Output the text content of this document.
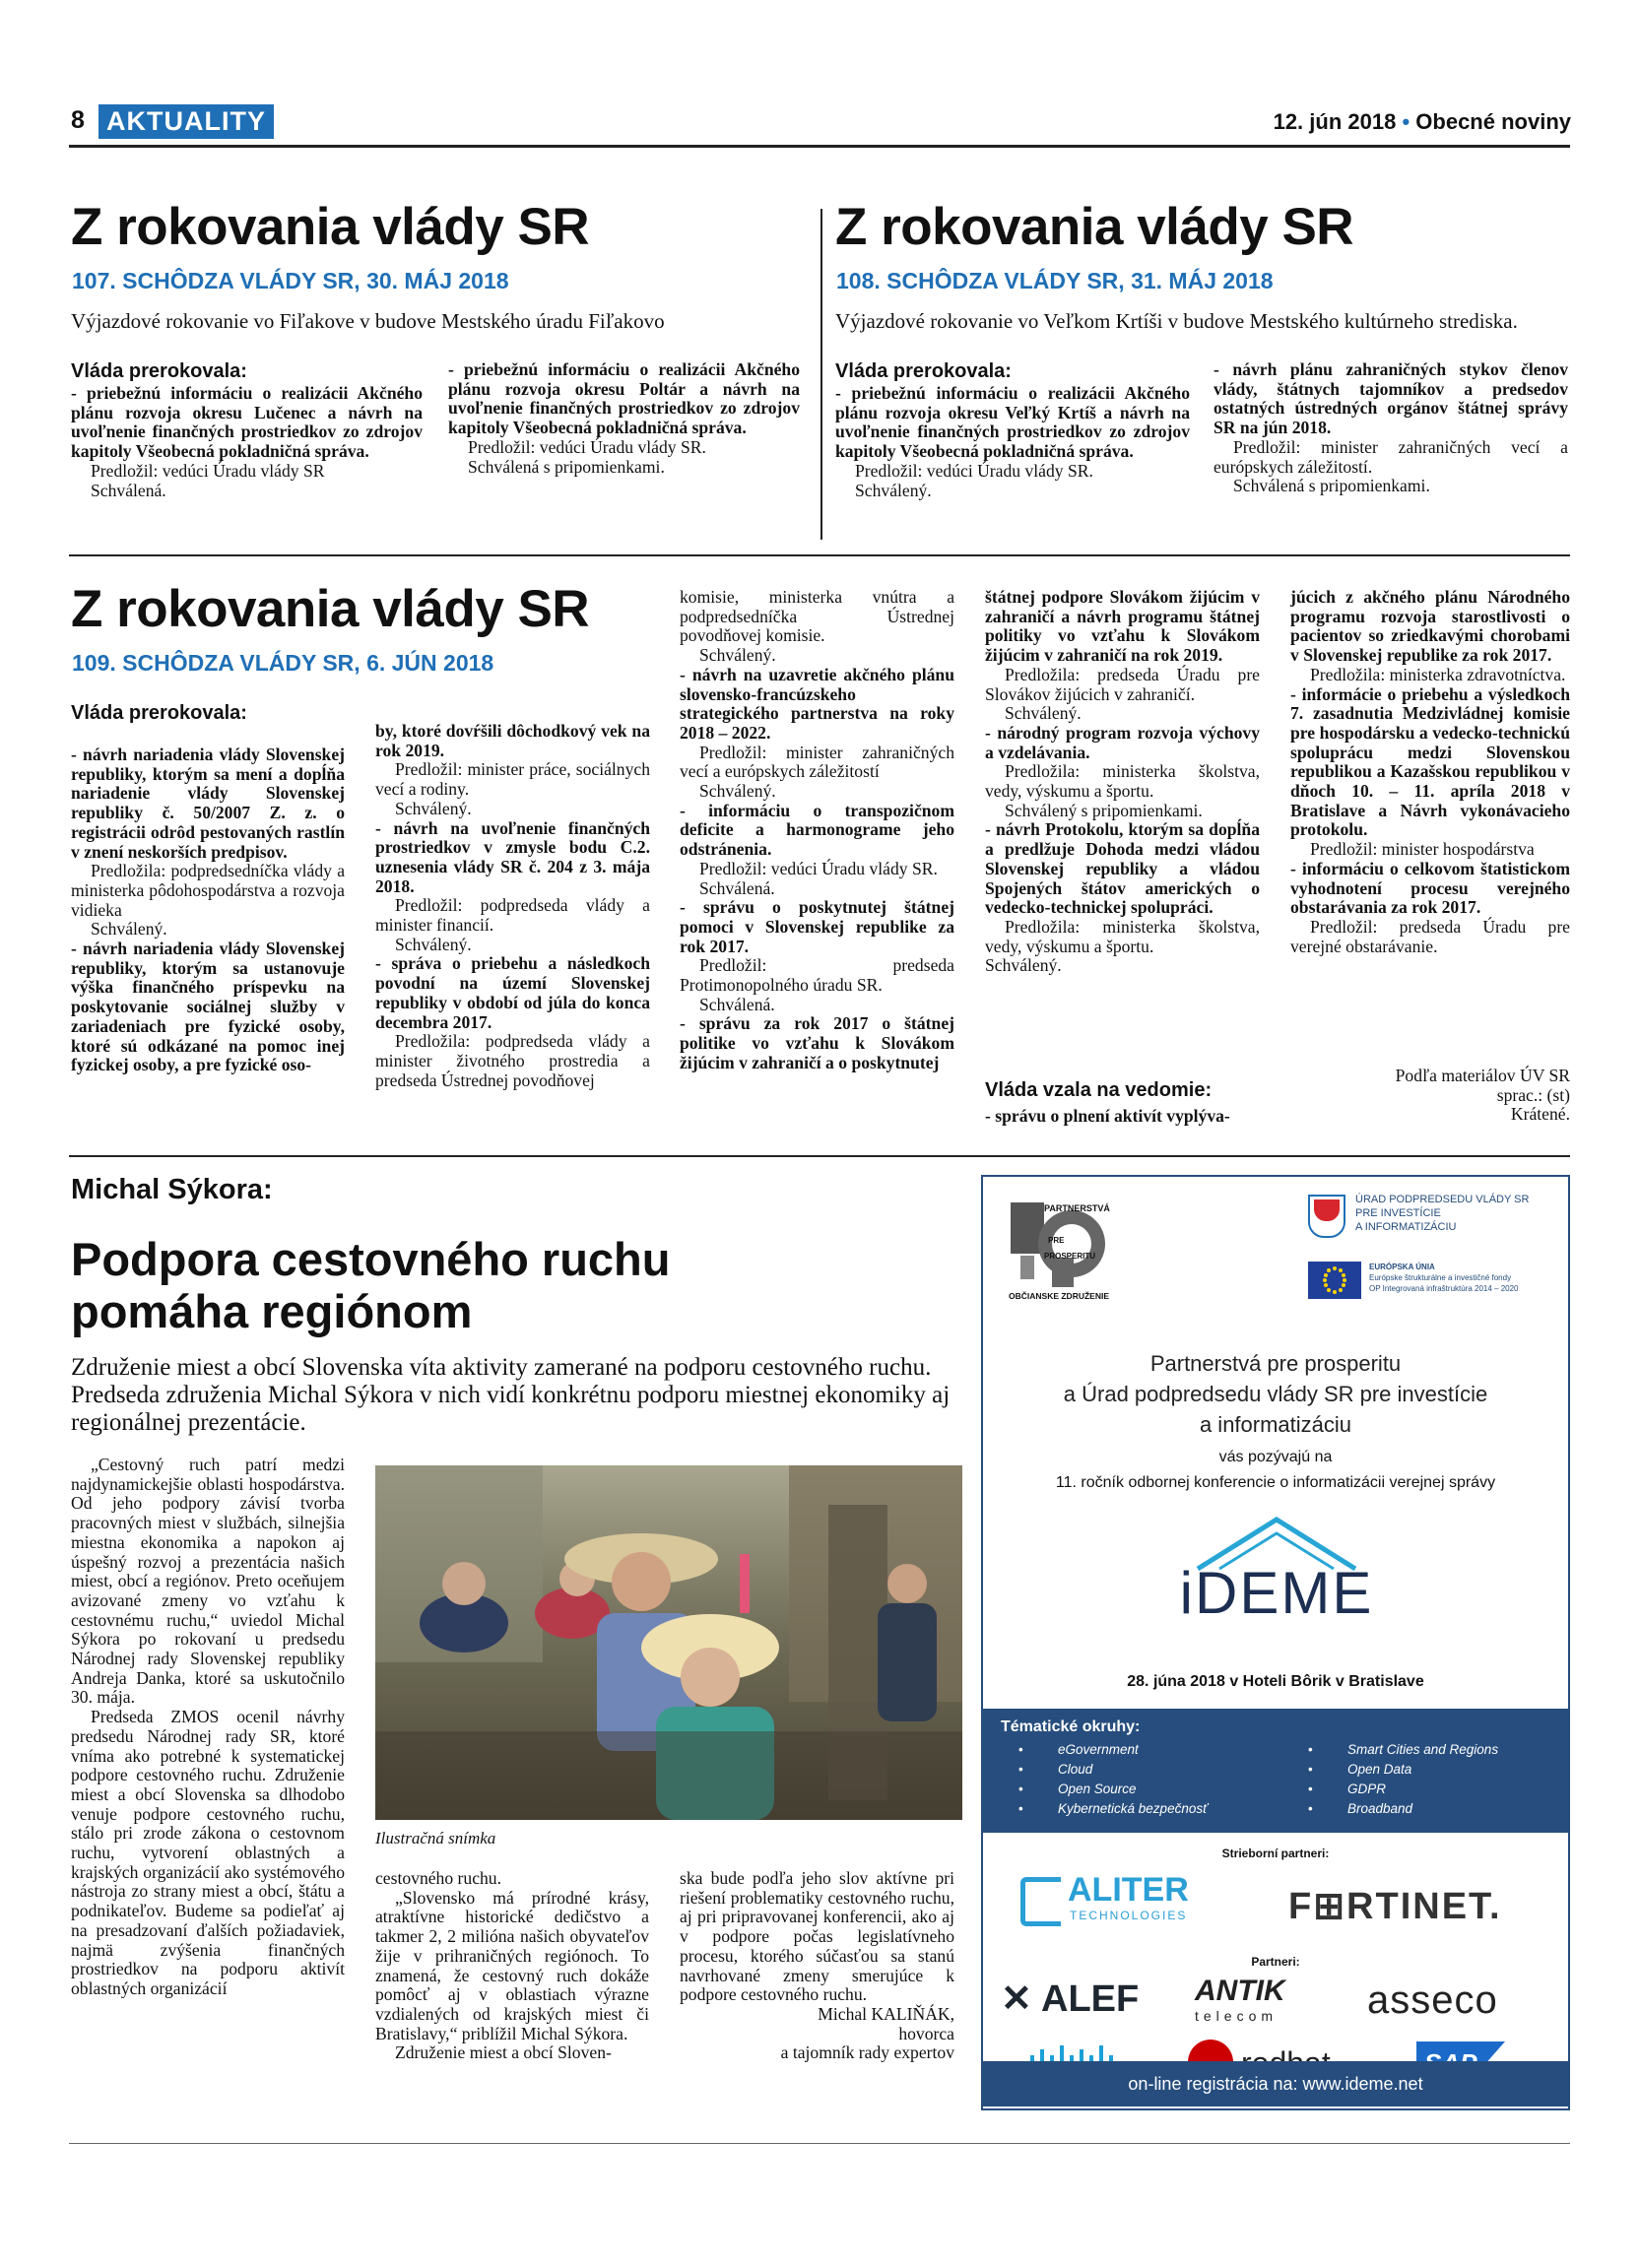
8 AKTUALITY	12. jún 2018 • Obecné noviny
Z rokovania vlády SR
107. SCHÔDZA VLÁDY SR, 30. MÁJ 2018
Výjazdové rokovanie vo Fiľakove v budove Mestského úradu Fiľakovo
Vláda prerokovala:

- priebežnú informáciu o realizácii Akčného plánu rozvoja okresu Lučenec a návrh na uvoľnenie finančných prostriedkov zo zdrojov kapitoly Všeobecná pokladničná správa.

Predložil: vedúci Úradu vlády SR

Schválená.

- priebežnú informáciu o realizácii Akčného plánu rozvoja okresu Poltár a návrh na uvoľnenie finančných prostriedkov zo zdrojov kapitoly Všeobecná pokladničná správa.

Predložil: vedúci Úradu vlády SR.

Schválená s pripomienkami.

Z rokovania vlády SR
108. SCHÔDZA VLÁDY SR, 31. MÁJ 2018
Výjazdové rokovanie vo Veľkom Krtíši v budove Mestského kultúrneho strediska.
Vláda prerokovala:

- priebežnú informáciu o realizácii Akčného plánu rozvoja okresu Veľký Krtíš a návrh na uvoľnenie finančných prostriedkov zo zdrojov kapitoly Všeobecná pokladničná správa.

Predložil: vedúci Úradu vlády SR.

Schválený.

- návrh plánu zahraničných stykov členov vlády, štátnych tajomníkov a predsedov ostatných ústredných orgánov štátnej správy SR na jún 2018.

Predložil: minister zahraničných vecí a európskych záležitostí.

Schválená s pripomienkami.

Z rokovania vlády SR
109. SCHÔDZA VLÁDY SR, 6. JÚN 2018
Vláda prerokovala:

- návrh nariadenia vlády Slovenskej republiky, ktorým sa mení a dopĺňa nariadenie vlády Slovenskej republiky č. 50/2007 Z. z. o registrácii odrôd pestovaných rastlín v znení neskorších predpisov.

Predložila: podpredsedníčka vlády a ministerka pôdohospodárstva a rozvoja vidieka

Schválený.

- návrh nariadenia vlády Slovenskej republiky, ktorým sa ustanovuje výška finančného príspevku na poskytovanie sociálnej služby v zariadeniach pre fyzické osoby, ktoré sú odkázané na pomoc inej fyzickej osoby, a pre fyzické oso-

by, ktoré dovŕšili dôchodkový vek na rok 2019.

Predložil: minister práce, sociálnych vecí a rodiny.

Schválený.

- návrh na uvoľnenie finančných prostriedkov v zmysle bodu C.2. uznesenia vlády SR č. 204 z 3. mája 2018.

Predložil: podpredseda vlády a minister financií.

Schválený.

- správa o priebehu a následkoch povodní na území Slovenskej republiky v období od júla do konca decembra 2017.

Predložila: podpredseda vlády a minister životného prostredia a predseda Ústrednej povodňovej

komisie, ministerka vnútra a podpredsedníčka Ústrednej povodňovej komisie.

Schválený.

- návrh na uzavretie akčného plánu slovensko-francúzskeho strategického partnerstva na roky 2018 – 2022.

Predložil: minister zahraničných vecí a európskych záležitostí

Schválený.

- informáciu o transpozičnom deficite a harmonograme jeho odstránenia.

Predložil: vedúci Úradu vlády SR.

Schválená.

- správu o poskytnutej štátnej pomoci v Slovenskej republike za rok 2017.

Predložil: predseda Protimonopolného úradu SR.

Schválená.

- správu za rok 2017 o štátnej politike vo vzťahu k Slovákom žijúcim v zahraničí a o poskytnutej

štátnej podpore Slovákom žijúcim v zahraničí a návrh programu štátnej politiky vo vzťahu k Slovákom žijúcim v zahraničí na rok 2019.

Predložila: predseda Úradu pre Slovákov žijúcich v zahraničí.

Schválený.

- národný program rozvoja výchovy a vzdelávania.

Predložila: ministerka školstva, vedy, výskumu a športu.

Schválený s pripomienkami.

- návrh Protokolu, ktorým sa dopĺňa a predlžuje Dohoda medzi vládou Slovenskej republiky a vládou Spojených štátov amerických o vedecko-technickej spolupráci.

Predložila: ministerka školstva, vedy, výskumu a športu.

Schválený.

Vláda vzala na vedomie:

- správu o plnení aktivít vyplýva-

júcich z akčného plánu Národného programu rozvoja starostlivosti o pacientov so zriedkavými chorobami v Slovenskej republike za rok 2017.

Predložila: ministerka zdravotníctva.

- informácie o priebehu a výsledkoch 7. zasadnutia Medzivládnej komisie pre hospodársku a vedecko-technickú spoluprácu medzi Slovenskou republikou a Kazašskou republikou v dňoch 10. – 11. apríla 2018 v Bratislave a Návrh vykonávacieho protokolu.

Predložil: minister hospodárstva

- informáciu o celkovom štatistickom vyhodnotení procesu verejného obstarávania za rok 2017.

Predložil: predseda Úradu pre verejné obstarávanie.

Podľa materiálov ÚV SR

sprac.: (st)

Krátené.

Michal Sýkora:
Podpora cestovného ruchu
pomáha regiónom
Združenie miest a obcí Slovenska víta aktivity zamerané na podporu cestovného ruchu. Predseda združenia Michal Sýkora v nich vidí konkrétnu podporu miestnej ekonomiky aj regionálnej prezentácie.

„Cestovný ruch patrí medzi najdynamickejšie oblasti hospodárstva. Od jeho podpory závisí tvorba pracovných miest v službách, silnejšia miestna ekonomika a napokon aj úspešný rozvoj a prezentácia našich miest, obcí a regiónov. Preto oceňujem avizované zmeny vo vzťahu k cestovnému ruchu,“ uviedol Michal Sýkora po rokovaní u predsedu Národnej rady Slovenskej republiky Andreja Danka, ktoré sa uskutočnilo 30. mája.

Predseda ZMOS ocenil návrhy predsedu Národnej rady SR, ktoré vníma ako potrebné k systematickej podpore cestovného ruchu. Združenie miest a obcí Slovenska sa dlhodobo venuje podpore cestovného ruchu, stálo pri zrode zákona o cestovnom ruchu, vytvorení oblastných a krajských organizácií ako systémového nástroja zo strany miest a obcí, štátu a podnikateľov. Budeme sa podieľať aj na presadzovaní ďalších požiadaviek, najmä zvýšenia finančných prostriedkov na podporu aktivít oblastných organizácií

Ilustračná snímka

cestovného ruchu.

„Slovensko má prírodné krásy, atraktívne historické dedičstvo a takmer 2, 2 milióna našich obyvateľov žije v prihraničných regiónoch. To znamená, že cestovný ruch dokáže pomôcť aj v oblastiach výrazne vzdialených od krajských miest či Bratislavy,“ priblížil Michal Sýkora.

Združenie miest a obcí Sloven-

ska bude podľa jeho slov aktívne pri riešení problematiky cestovného ruchu, aj pri pripravovanej konferencii, ako aj v podpore počas legislatívneho procesu, ktorého súčasťou sa stanú navrhované zmeny smerujúce k podpore cestovného ruchu.

Michal KALIŇÁK,

hovorca

a tajomník rady expertov

PARTNERSTVÁ
PRE
PROSPERITU
OBČIANSKE ZDRUŽENIE
ÚRAD PODPREDSEDU VLÁDY SR
PRE INVESTÍCIE
A INFORMATIZÁCIU
EURÓPSKA ÚNIA
Európske štrukturálne a investičné fondy
OP Integrovaná infraštruktúra 2014 – 2020
Partnerstvá pre prosperitu
a Úrad podpredsedu vlády SR pre investície
a informatizáciu
vás pozývajú na
11. ročník odbornej konferencie o informatizácii verejnej správy
iDEME
28. júna 2018 v Hoteli Bôrik v Bratislave
Tématické okruhy:
•	eGovernment
•	Cloud
•	Open Source
•	Kybernetická bezpečnosť
•	Smart Cities and Regions
•	Open Data
•	GDPR
•	Broadband
Strieborní partneri:
ALITER
TECHNOLOGIES	F⊞RTINET.
Partneri:
✕ ALEF ANTIK
telecom	asseco
on-line registrácia na: www.ideme.net
